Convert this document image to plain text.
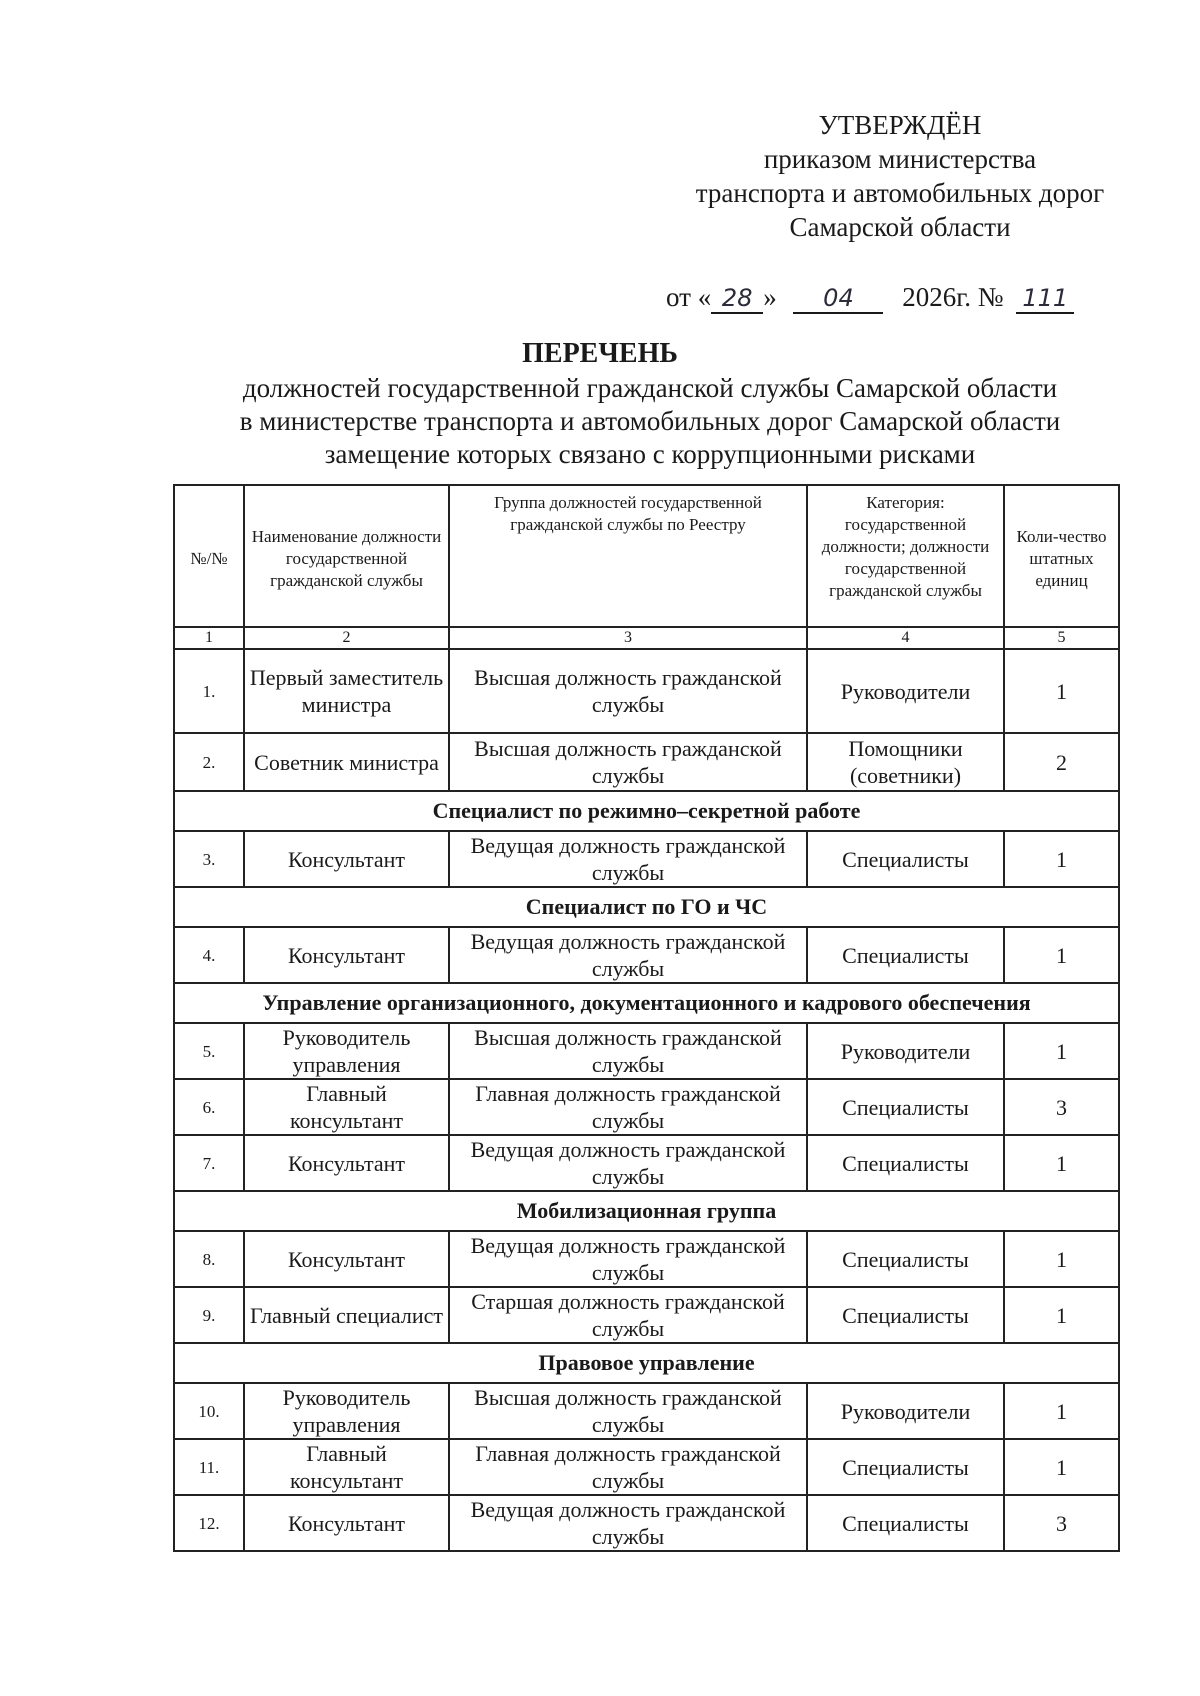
УТВЕРЖДЁН
приказом министерства
транспорта и автомобильных дорог
Самарской области
от « 28 » 04 2026г. № 111
ПЕРЕЧЕНЬ
должностей государственной гражданской службы Самарской области
в министерстве транспорта и автомобильных дорог Самарской области
замещение которых связано с коррупционными рисками
№/№	Наименование должности государственной гражданской службы	Группа должностей государственной гражданской службы по Реестру	Категория: государственной должности; должности государственной гражданской службы	Коли-чество штатных единиц
1	2	3	4	5
1.	Первый заместитель министра	Высшая должность гражданской службы	Руководители	1
2.	Советник министра	Высшая должность гражданской службы	Помощники (советники)	2
Специалист по режимно–секретной работе				
3.	Консультант	Ведущая должность гражданской службы	Специалисты	1
Специалист по ГО и ЧС				
4.	Консультант	Ведущая должность гражданской службы	Специалисты	1
Управление организационного, документационного и кадрового обеспечения				
5.	Руководитель управления	Высшая должность гражданской службы	Руководители	1
6.	Главный консультант	Главная должность гражданской службы	Специалисты	3
7.	Консультант	Ведущая должность гражданской службы	Специалисты	1
Мобилизационная группа				
8.	Консультант	Ведущая должность гражданской службы	Специалисты	1
9.	Главный специалист	Старшая должность гражданской службы	Специалисты	1
Правовое управление				
10.	Руководитель управления	Высшая должность гражданской службы	Руководители	1
11.	Главный консультант	Главная должность гражданской службы	Специалисты	1
12.	Консультант	Ведущая должность гражданской службы	Специалисты	3
